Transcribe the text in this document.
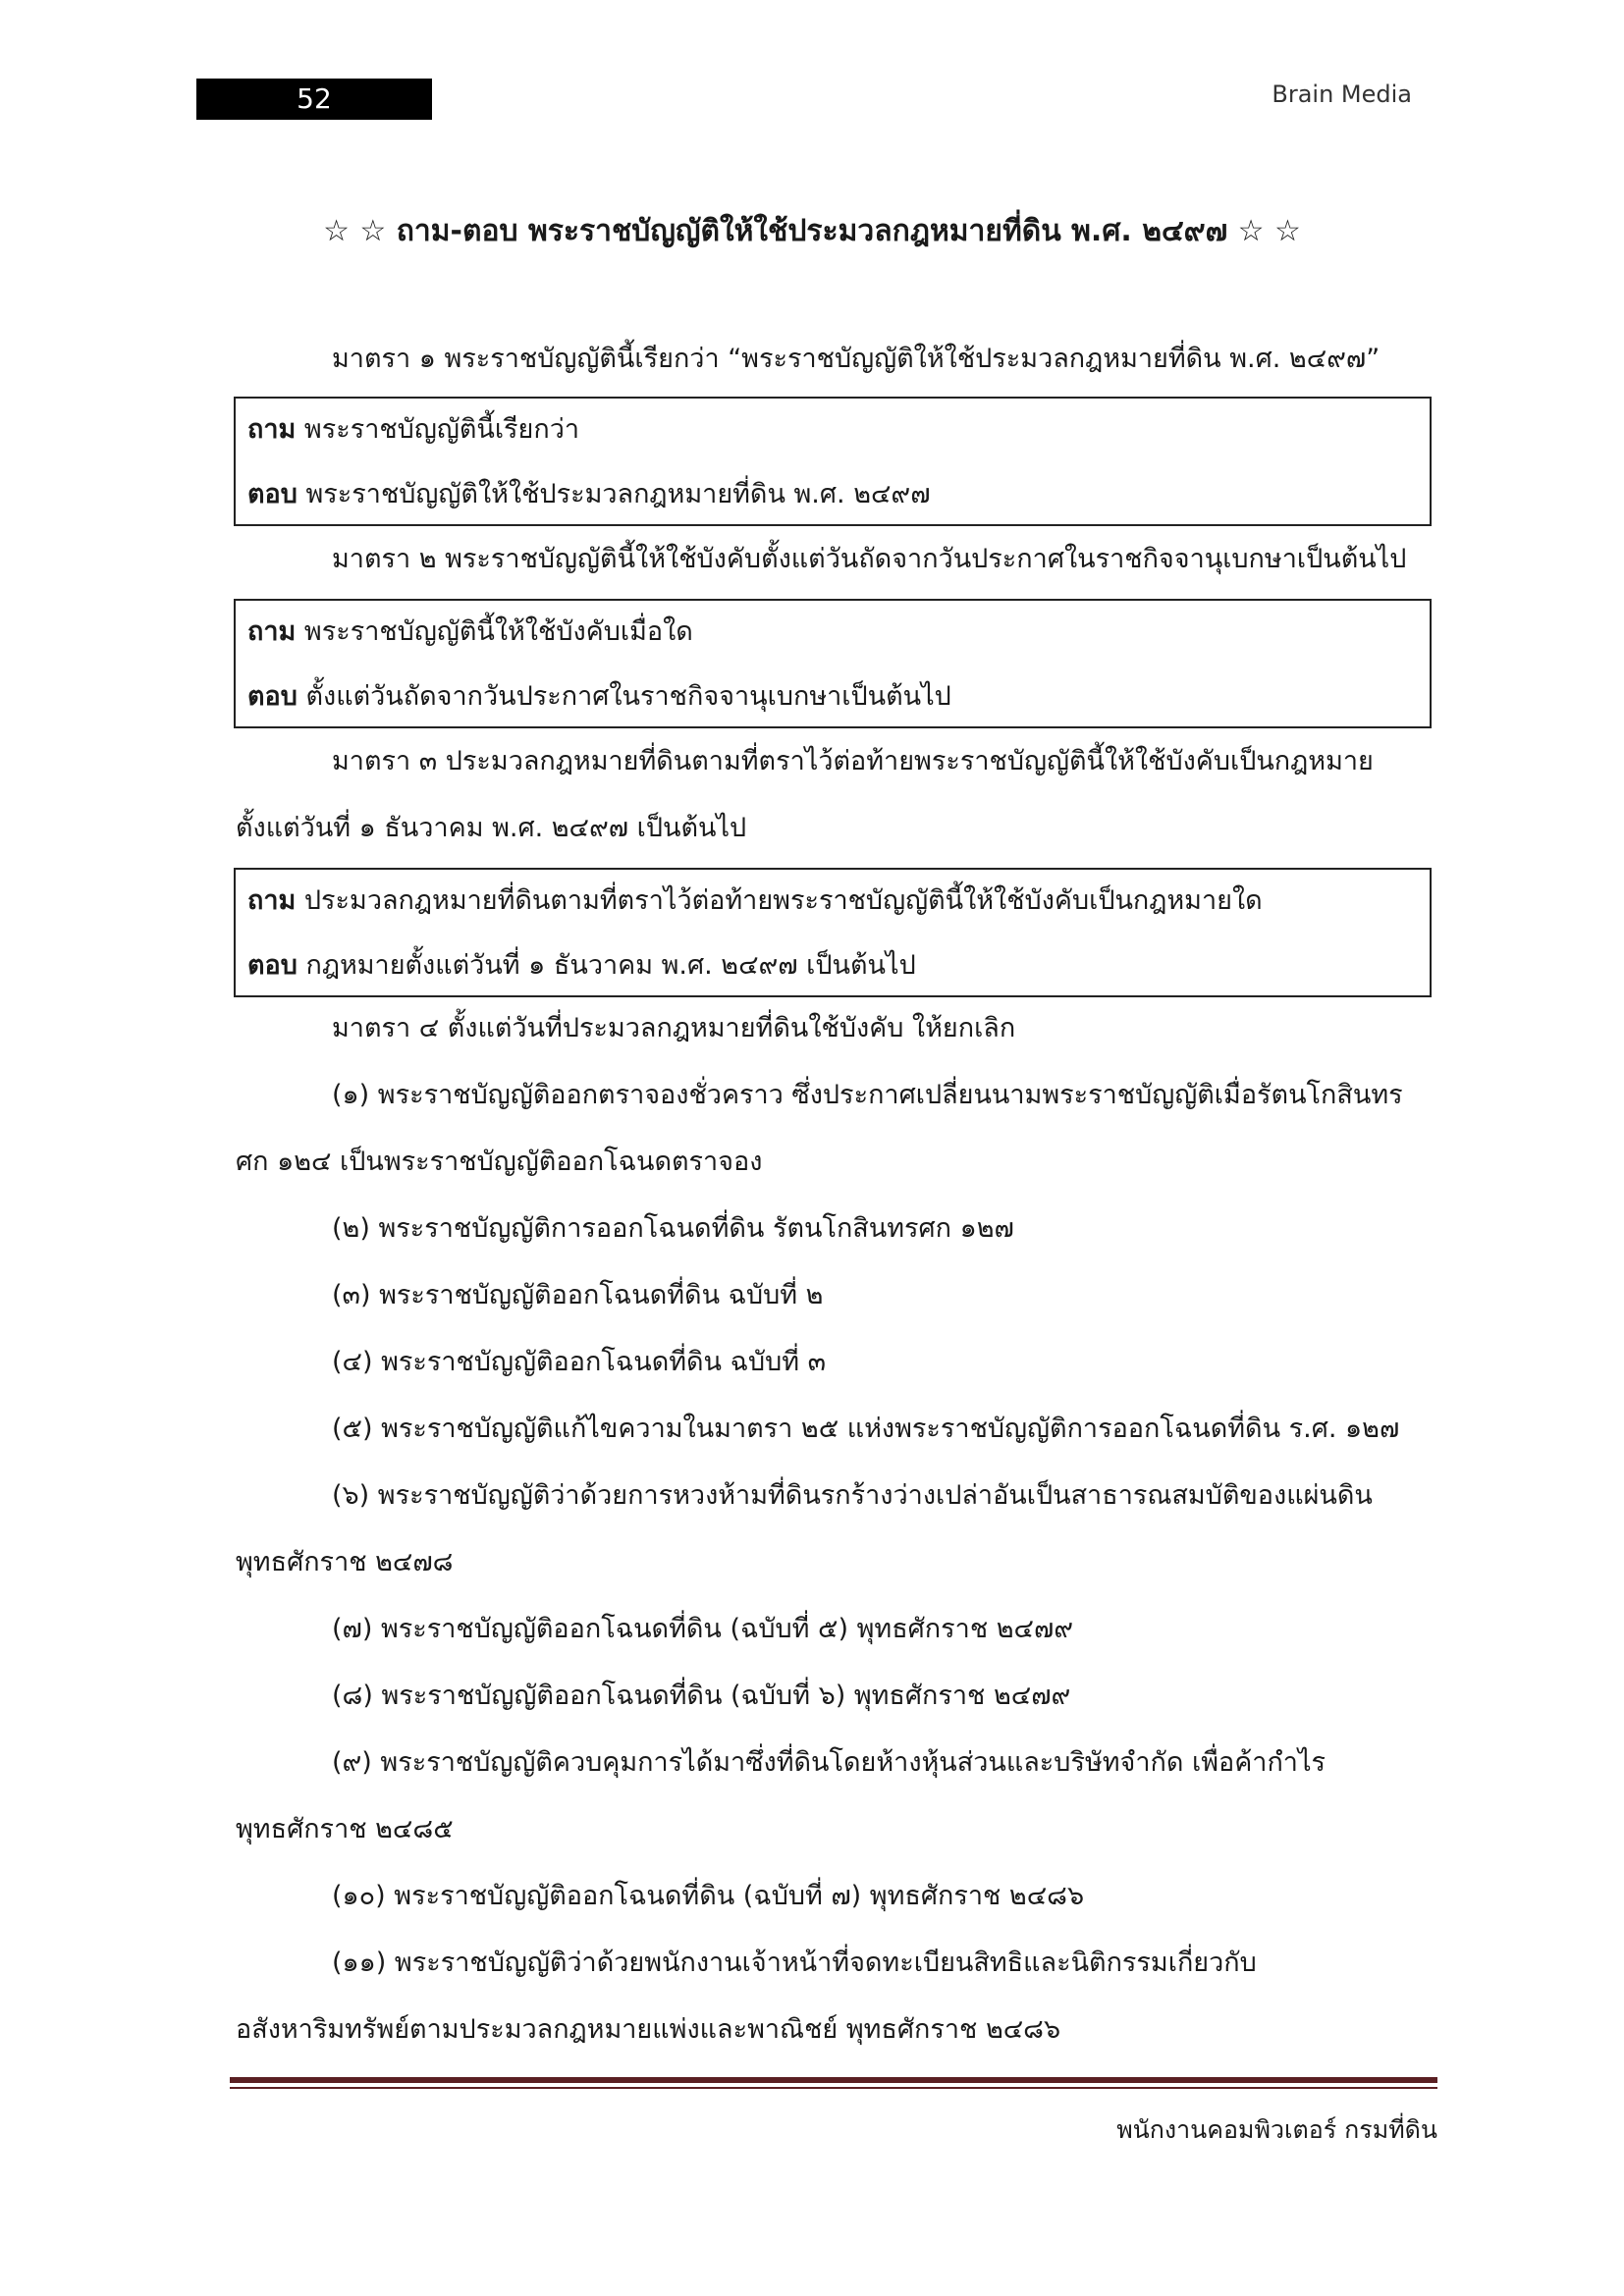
52	Brain Media
☆ ☆ ถาม-ตอบ พระราชบัญญัติให้ใช้ประมวลกฎหมายที่ดิน พ.ศ. ๒๔๙๗ ☆ ☆
มาตรา ๑ พระราชบัญญัตินี้เรียกว่า “พระราชบัญญัติให้ใช้ประมวลกฎหมายที่ดิน พ.ศ. ๒๔๙๗”
ถาม พระราชบัญญัตินี้เรียกว่า
ตอบ พระราชบัญญัติให้ใช้ประมวลกฎหมายที่ดิน พ.ศ. ๒๔๙๗
มาตรา ๒ พระราชบัญญัตินี้ให้ใช้บังคับตั้งแต่วันถัดจากวันประกาศในราชกิจจานุเบกษาเป็นต้นไป
ถาม พระราชบัญญัตินี้ให้ใช้บังคับเมื่อใด
ตอบ ตั้งแต่วันถัดจากวันประกาศในราชกิจจานุเบกษาเป็นต้นไป
มาตรา ๓ ประมวลกฎหมายที่ดินตามที่ตราไว้ต่อท้ายพระราชบัญญัตินี้ให้ใช้บังคับเป็นกฎหมาย
ตั้งแต่วันที่ ๑ ธันวาคม พ.ศ. ๒๔๙๗ เป็นต้นไป
ถาม ประมวลกฎหมายที่ดินตามที่ตราไว้ต่อท้ายพระราชบัญญัตินี้ให้ใช้บังคับเป็นกฎหมายใด
ตอบ กฎหมายตั้งแต่วันที่ ๑ ธันวาคม พ.ศ. ๒๔๙๗ เป็นต้นไป
มาตรา ๔ ตั้งแต่วันที่ประมวลกฎหมายที่ดินใช้บังคับ ให้ยกเลิก
(๑) พระราชบัญญัติออกตราจองชั่วคราว ซึ่งประกาศเปลี่ยนนามพระราชบัญญัติเมื่อรัตนโกสินทร
ศก ๑๒๔ เป็นพระราชบัญญัติออกโฉนดตราจอง
(๒) พระราชบัญญัติการออกโฉนดที่ดิน รัตนโกสินทรศก ๑๒๗
(๓) พระราชบัญญัติออกโฉนดที่ดิน ฉบับที่ ๒
(๔) พระราชบัญญัติออกโฉนดที่ดิน ฉบับที่ ๓
(๕) พระราชบัญญัติแก้ไขความในมาตรา ๒๕ แห่งพระราชบัญญัติการออกโฉนดที่ดิน ร.ศ. ๑๒๗
(๖) พระราชบัญญัติว่าด้วยการหวงห้ามที่ดินรกร้างว่างเปล่าอันเป็นสาธารณสมบัติของแผ่นดิน
พุทธศักราช ๒๔๗๘
(๗) พระราชบัญญัติออกโฉนดที่ดิน (ฉบับที่ ๕) พุทธศักราช ๒๔๗๙
(๘) พระราชบัญญัติออกโฉนดที่ดิน (ฉบับที่ ๖) พุทธศักราช ๒๔๗๙
(๙) พระราชบัญญัติควบคุมการได้มาซึ่งที่ดินโดยห้างหุ้นส่วนและบริษัทจำกัด เพื่อค้ากำไร
พุทธศักราช ๒๔๘๕
(๑๐) พระราชบัญญัติออกโฉนดที่ดิน (ฉบับที่ ๗) พุทธศักราช ๒๔๘๖
(๑๑) พระราชบัญญัติว่าด้วยพนักงานเจ้าหน้าที่จดทะเบียนสิทธิและนิติกรรมเกี่ยวกับ
อสังหาริมทรัพย์ตามประมวลกฎหมายแพ่งและพาณิชย์ พุทธศักราช ๒๔๘๖
พนักงานคอมพิวเตอร์ กรมที่ดิน
